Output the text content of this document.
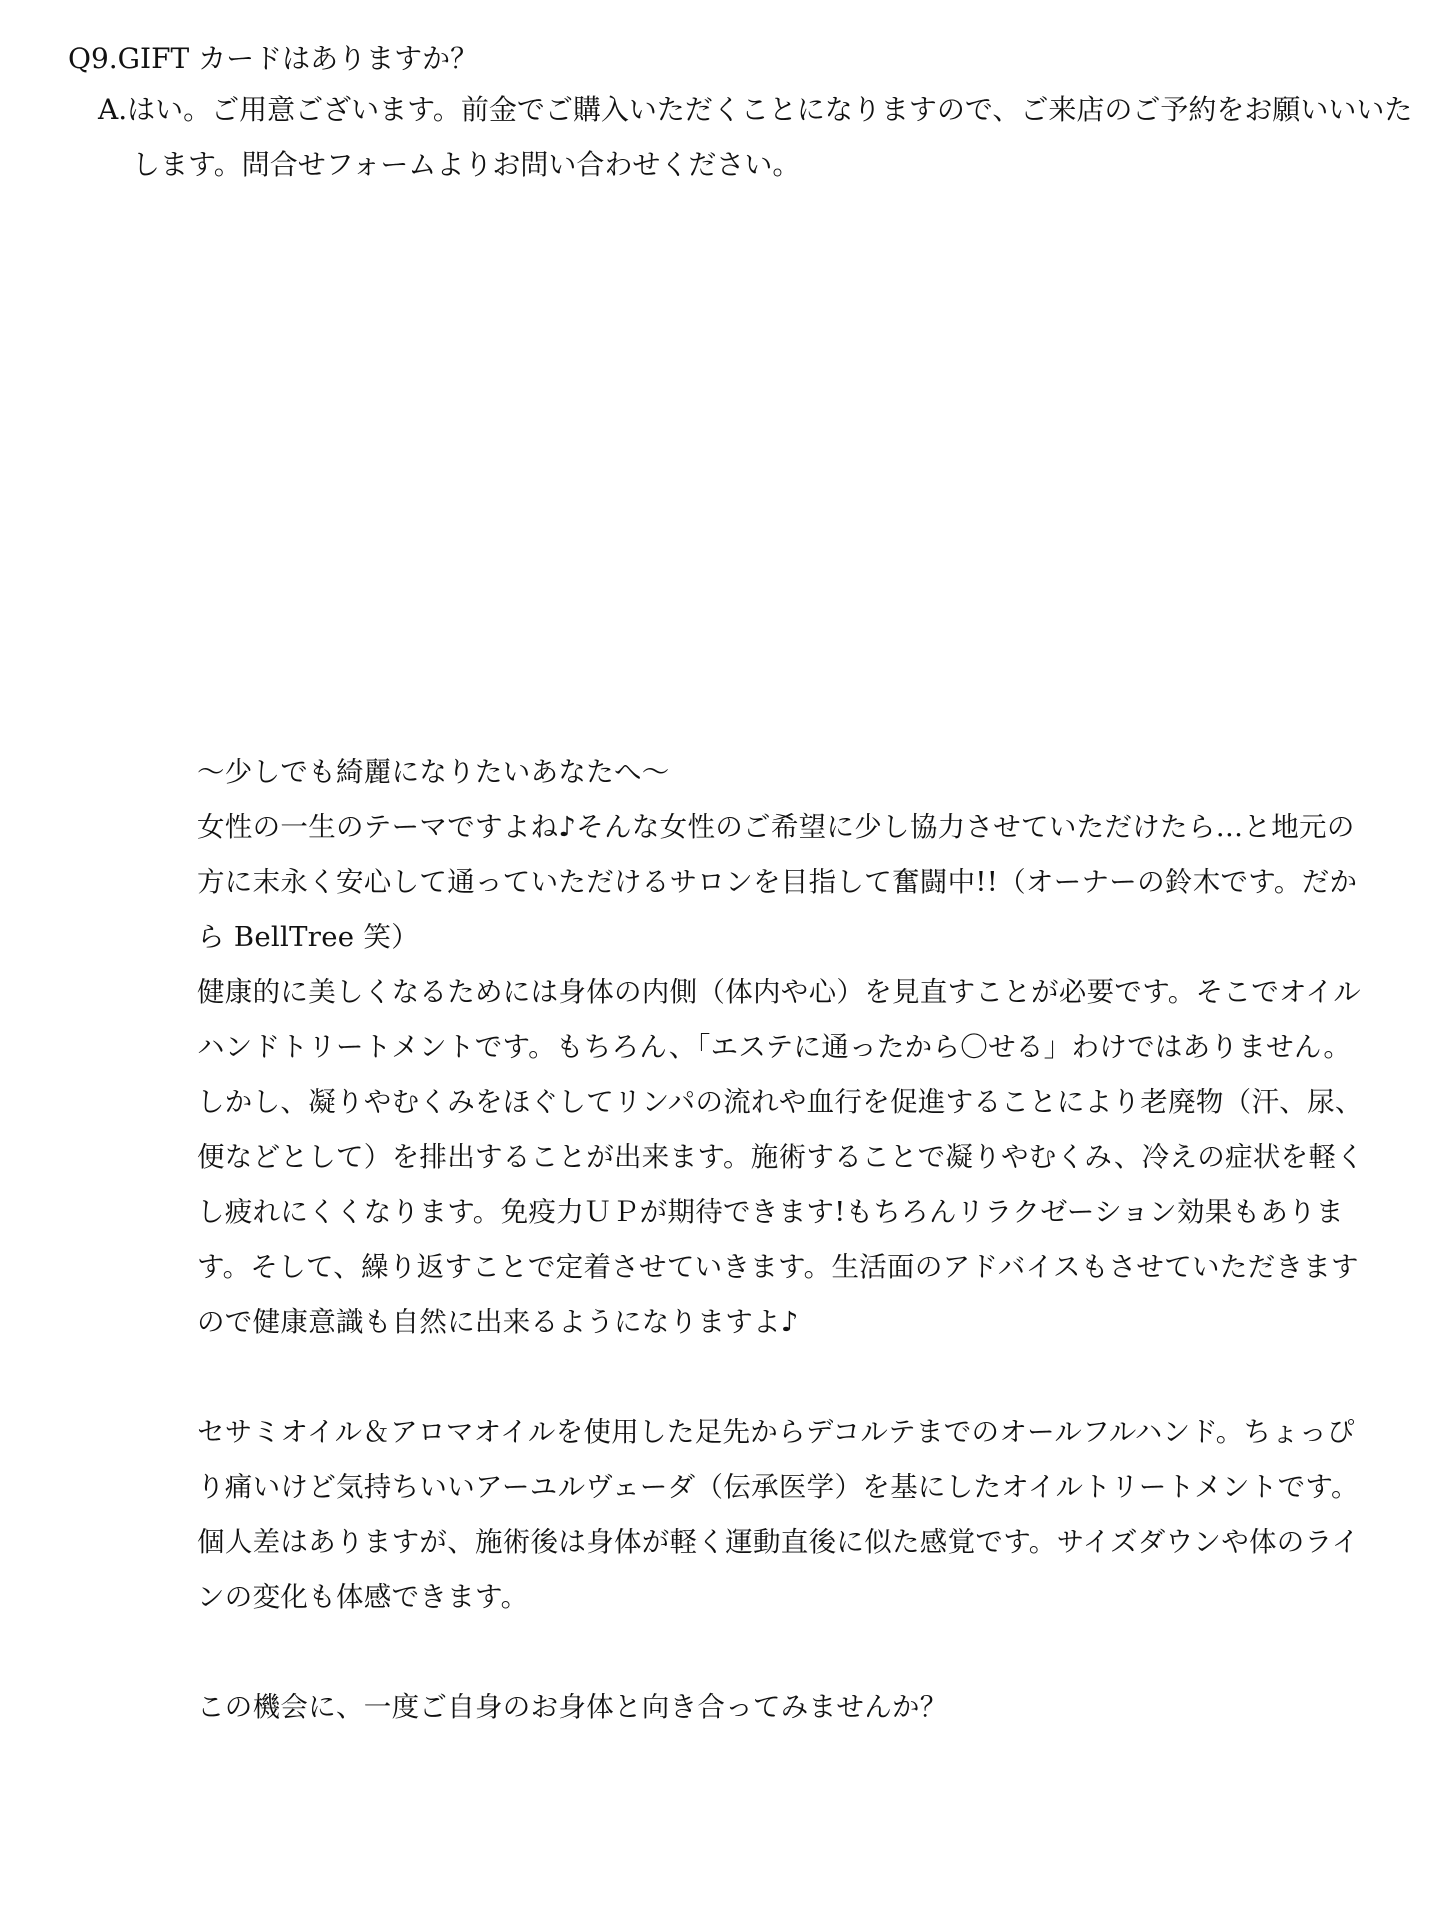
Q9.GIFT カードはありますか？

A.はい。ご用意ございます。前金でご購入いただくことになりますので、ご来店のご予約をお願いいいたします。問合せフォームよりお問い合わせください。

～少しでも綺麗になりたいあなたへ～

女性の一生のテーマですよね♪そんな女性のご希望に少し協力させていただけたら…と地元の方に末永く安心して通っていただけるサロンを目指して奮闘中!!（オーナーの鈴木です。だから BellTree 笑）

健康的に美しくなるためには身体の内側（体内や心）を見直すことが必要です。そこでオイルハンドトリートメントです。もちろん、「エステに通ったから〇せる」わけではありません。しかし、凝りやむくみをほぐしてリンパの流れや血行を促進することにより老廃物（汗、尿、便などとして）を排出することが出来ます。施術することで凝りやむくみ、冷えの症状を軽くし疲れにくくなります。免疫力ＵＰが期待できます!もちろんリラクゼーション効果もあります。そして、繰り返すことで定着させていきます。生活面のアドバイスもさせていただきますので健康意識も自然に出来るようになりますよ♪

セサミオイル＆アロマオイルを使用した足先からデコルテまでのオールフルハンド。ちょっぴり痛いけど気持ちいいアーユルヴェーダ（伝承医学）を基にしたオイルトリートメントです。

個人差はありますが、施術後は身体が軽く運動直後に似た感覚です。サイズダウンや体のラインの変化も体感できます。

この機会に、一度ご自身のお身体と向き合ってみませんか？
